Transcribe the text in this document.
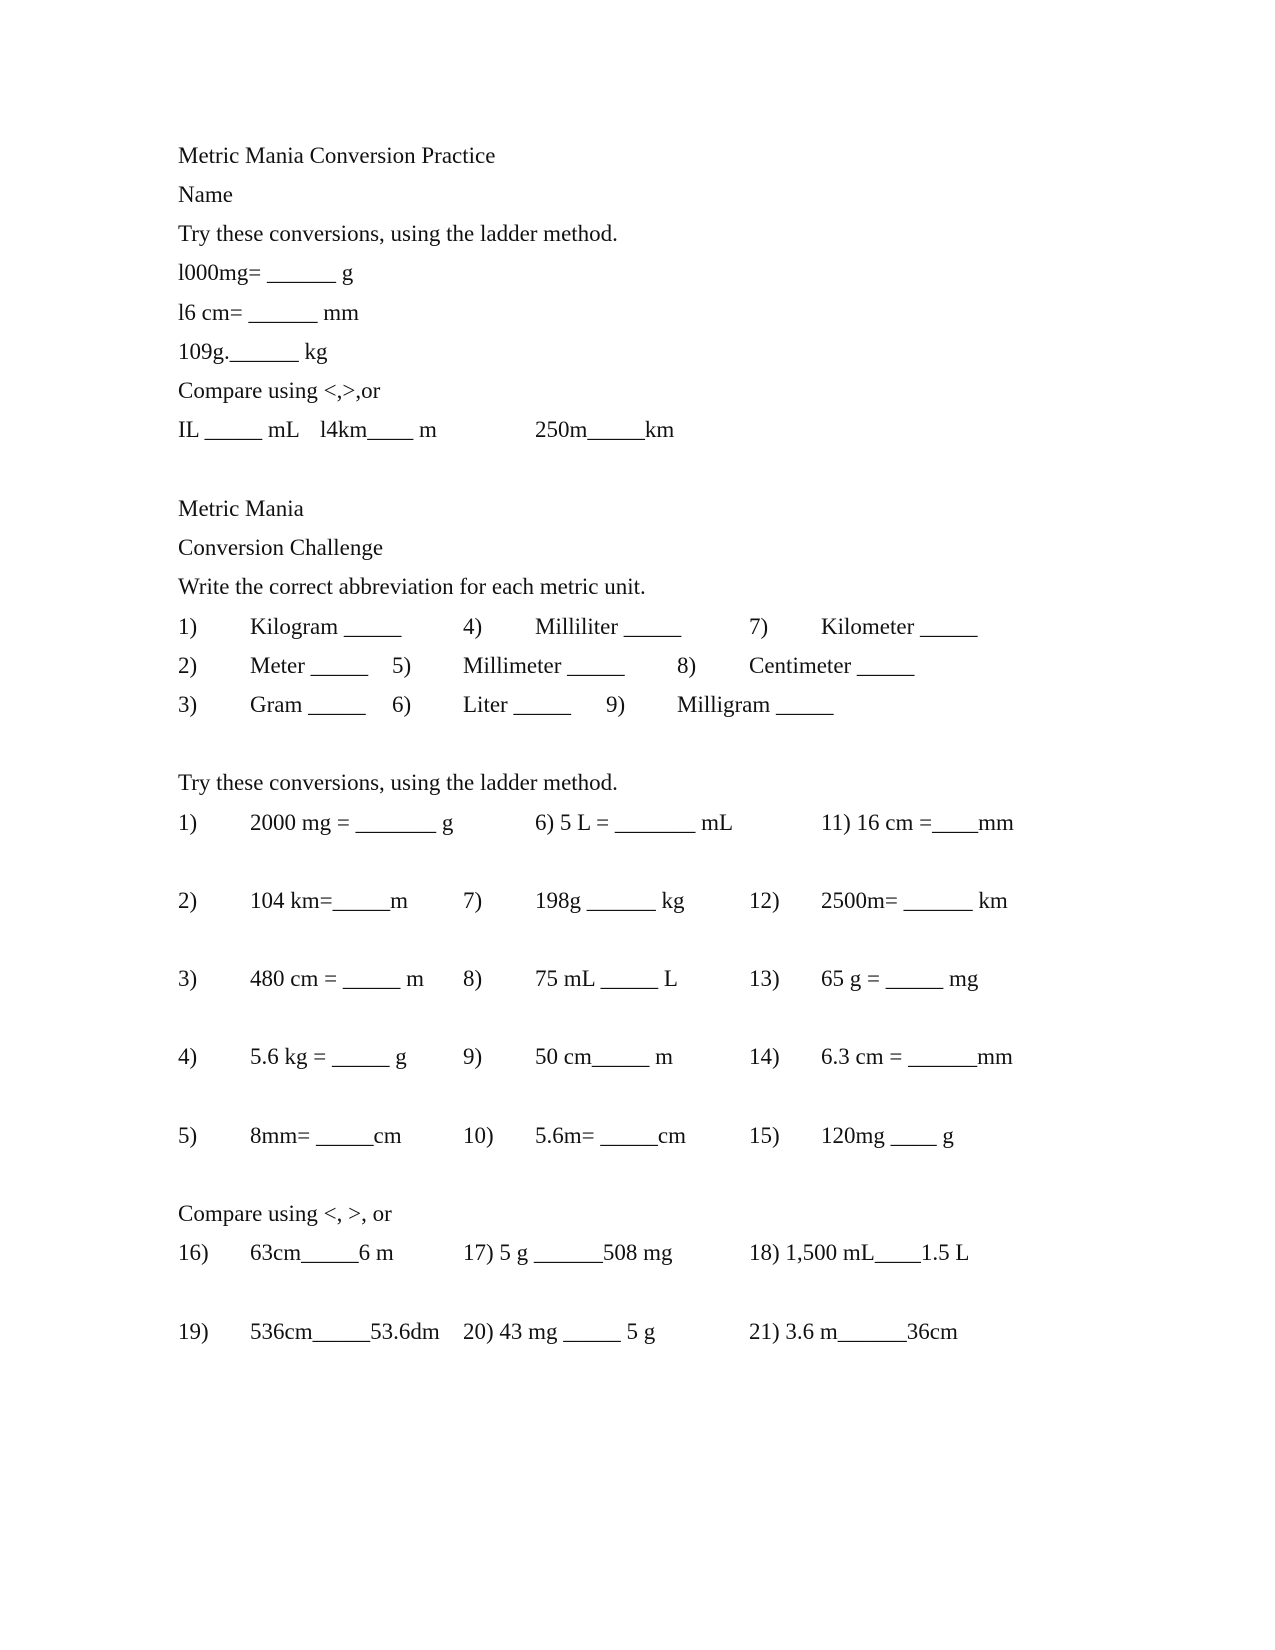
Metric Mania Conversion Practice
Name
Try these conversions, using the ladder method.
l000mg= ______ g
l6 cm= ______ mm
109g.______ kg
Compare using <,>,or
IL _____ mL l4km____ m	250m_____km
Metric Mania
Conversion Challenge
Write the correct abbreviation for each metric unit.
1) Kilogram _____	4) Milliliter _____	7) Kilometer _____
2) Meter _____ 5) Millimeter _____ 8) Centimeter _____
3) Gram _____ 6) Liter _____ 9) Milligram _____
Try these conversions, using the ladder method.
1) 2000 mg = _______ g	6) 5 L = _______ mL	11) 16 cm =____mm
2) 104 km=_____m 7) 198g ______ kg	12) 2500m= ______ km
3) 480 cm = _____ m 8) 75 mL _____ L	13) 65 g = _____ mg
4) 5.6 kg = _____ g 9) 50 cm_____ m	14) 6.3 cm = ______mm
5) 8mm= _____cm	10) 5.6m= _____cm	15) 120mg ____ g
Compare using <, >, or
16) 63cm_____6 m	17) 5 g ______508 mg	18) 1,500 mL____1.5 L
19) 536cm_____53.6dm 20) 43 mg _____ 5 g	21) 3.6 m______36cm
